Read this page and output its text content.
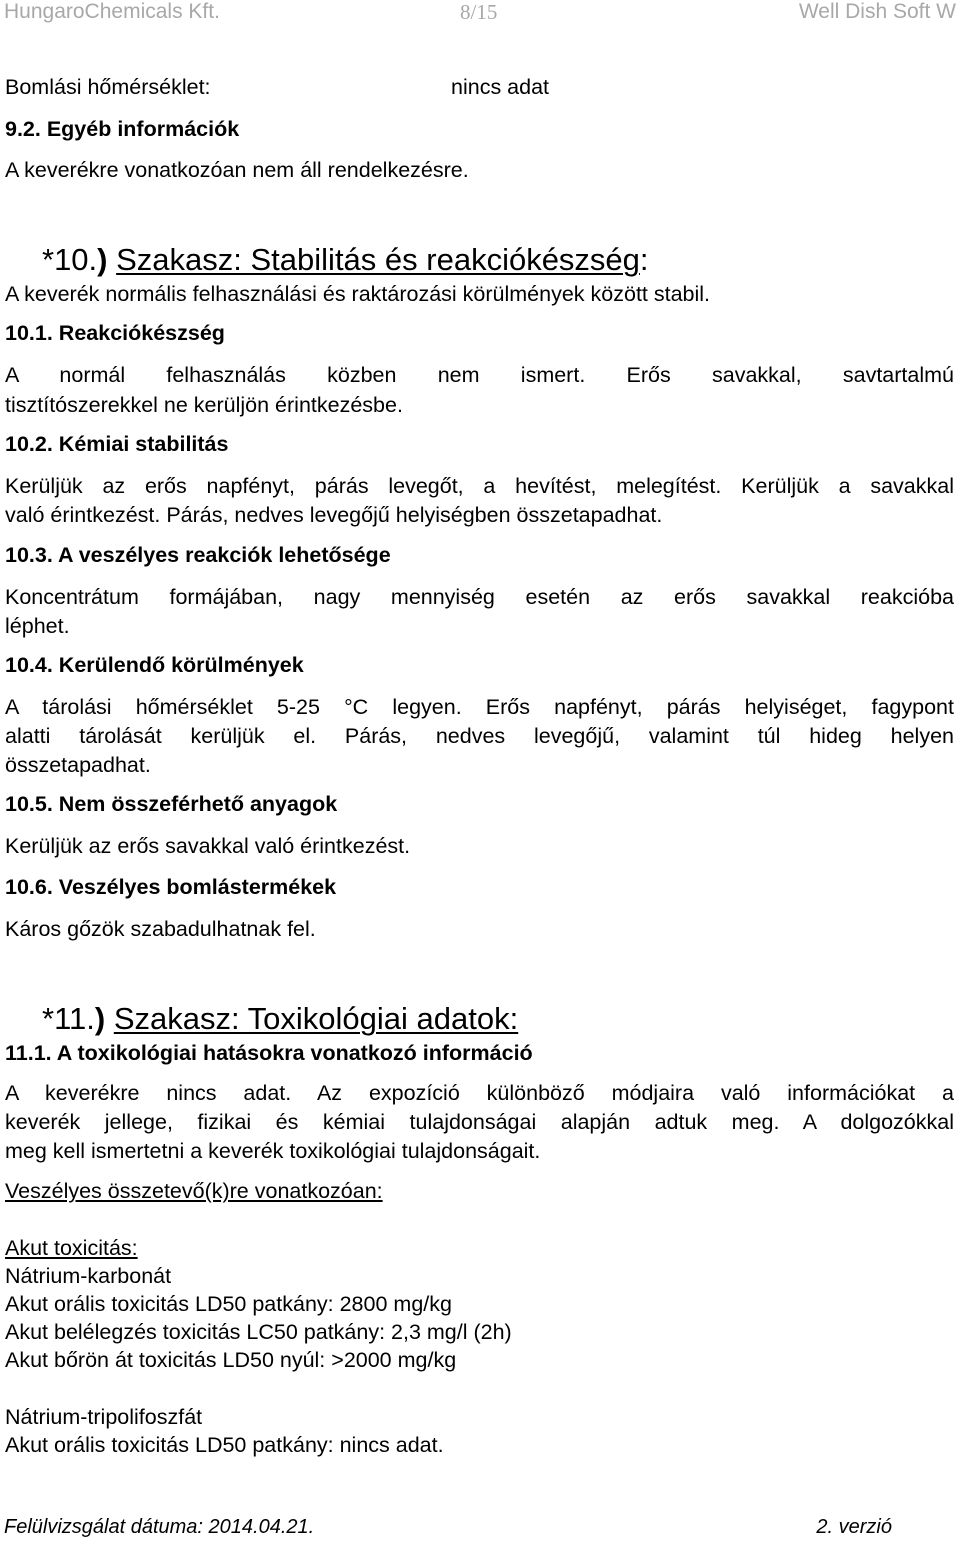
HungaroChemicals Kft.	8/15	Well Dish Soft W
Bomlási hőmérséklet:	nincs adat
9.2. Egyéb információk
A keverékre vonatkozóan nem áll rendelkezésre.
*10.) Szakasz: Stabilitás és reakciókészség:
A keverék normális felhasználási és raktározási körülmények között stabil.
10.1. Reakciókészség
A normál felhasználás közben nem ismert. Erős savakkal, savtartalmú
tisztítószerekkel ne kerüljön érintkezésbe.
10.2. Kémiai stabilitás
Kerüljük az erős napfényt, párás levegőt, a hevítést, melegítést. Kerüljük a savakkal
való érintkezést. Párás, nedves levegőjű helyiségben összetapadhat.
10.3. A veszélyes reakciók lehetősége
Koncentrátum formájában, nagy mennyiség esetén az erős savakkal reakcióba
léphet.
10.4. Kerülendő körülmények
A tárolási hőmérséklet 5-25 °C legyen. Erős napfényt, párás helyiséget, fagypont
alatti tárolását kerüljük el. Párás, nedves levegőjű, valamint túl hideg helyen
összetapadhat.
10.5. Nem összeférhető anyagok
Kerüljük az erős savakkal való érintkezést.
10.6. Veszélyes bomlástermékek
Káros gőzök szabadulhatnak fel.
*11.) Szakasz: Toxikológiai adatok:
11.1. A toxikológiai hatásokra vonatkozó információ
A keverékre nincs adat. Az expozíció különböző módjaira való információkat a
keverék jellege, fizikai és kémiai tulajdonságai alapján adtuk meg. A dolgozókkal
meg kell ismertetni a keverék toxikológiai tulajdonságait.
Veszélyes összetevő(k)re vonatkozóan:
Akut toxicitás:
Nátrium-karbonát
Akut orális toxicitás LD50 patkány: 2800 mg/kg
Akut belélegzés toxicitás LC50 patkány: 2,3 mg/l (2h)
Akut bőrön át toxicitás LD50 nyúl: >2000 mg/kg
Nátrium-tripolifoszfát
Akut orális toxicitás LD50 patkány: nincs adat.
Felülvizsgálat dátuma: 2014.04.21.	2. verzió
